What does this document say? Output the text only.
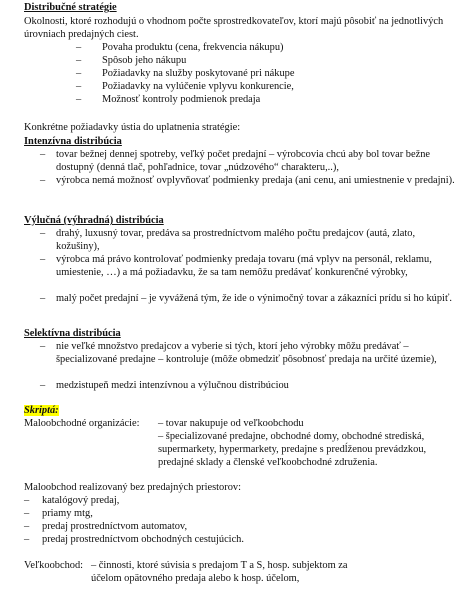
Distribučné stratégie
Okolnosti, ktoré rozhodujú o vhodnom počte sprostredkovateľov, ktorí majú pôsobiť na jednotlivých úrovniach predajných ciest.
– Povaha produktu (cena, frekvencia nákupu)
– Spôsob jeho nákupu
– Požiadavky na služby poskytované pri nákupe
– Požiadavky na vylúčenie vplyvu konkurencie,
– Možnosť kontroly podmienok predaja
Konkrétne požiadavky ústia do uplatnenia stratégie:
Intenzívna distribúcia
– tovar bežnej dennej spotreby, veľký počet predajní – výrobcovia chcú aby bol tovar bežne dostupný (denná tlač, pohľadnice, tovar „núdzového“ charakteru,..),
– výrobca nemá možnosť ovplyvňovať podmienky predaja (ani cenu, ani umiestnenie v predajni).
Výlučná (výhradná) distribúcia
– drahý, luxusný tovar, predáva sa prostredníctvom malého počtu predajcov (autá, zlato, kožušiny),
– výrobca má právo kontrolovať podmienky predaja tovaru (má vplyv na personál, reklamu, umiestenie, …) a má požiadavku, že sa tam nemôžu predávať konkurenčné výrobky,
– malý počet predajní – je vyvážená tým, že ide o výnimočný tovar a zákazníci prídu si ho kúpiť.
Selektívna distribúcia
– nie veľké množstvo predajcov a vyberie si tých, ktorí jeho výrobky môžu predávať – špecializované predajne – kontroluje (môže obmedziť pôsobnosť predaja na určité územie),
– medzistupeň medzi intenzívnou a výlučnou distribúciou
Skriptá:
Maloobchodné organizácie: – tovar nakupuje od veľkoobchodu
– špecializované predajne, obchodné domy, obchodné strediská, supermarkety, hypermarkety, predajne s predĺženou prevádzkou, predajné sklady a členské veľkoobchodné združenia.
Maloobchod realizovaný bez predajných priestorov:
– katalógový predaj,
– priamy mtg,
– predaj prostredníctvom automatov,
– predaj prostredníctvom obchodných cestujúcich.
Veľkoobchod: – činnosti, ktoré súvisia s predajom T a S, hosp. subjektom za účelom opätovného predaja alebo k hosp. účelom,
